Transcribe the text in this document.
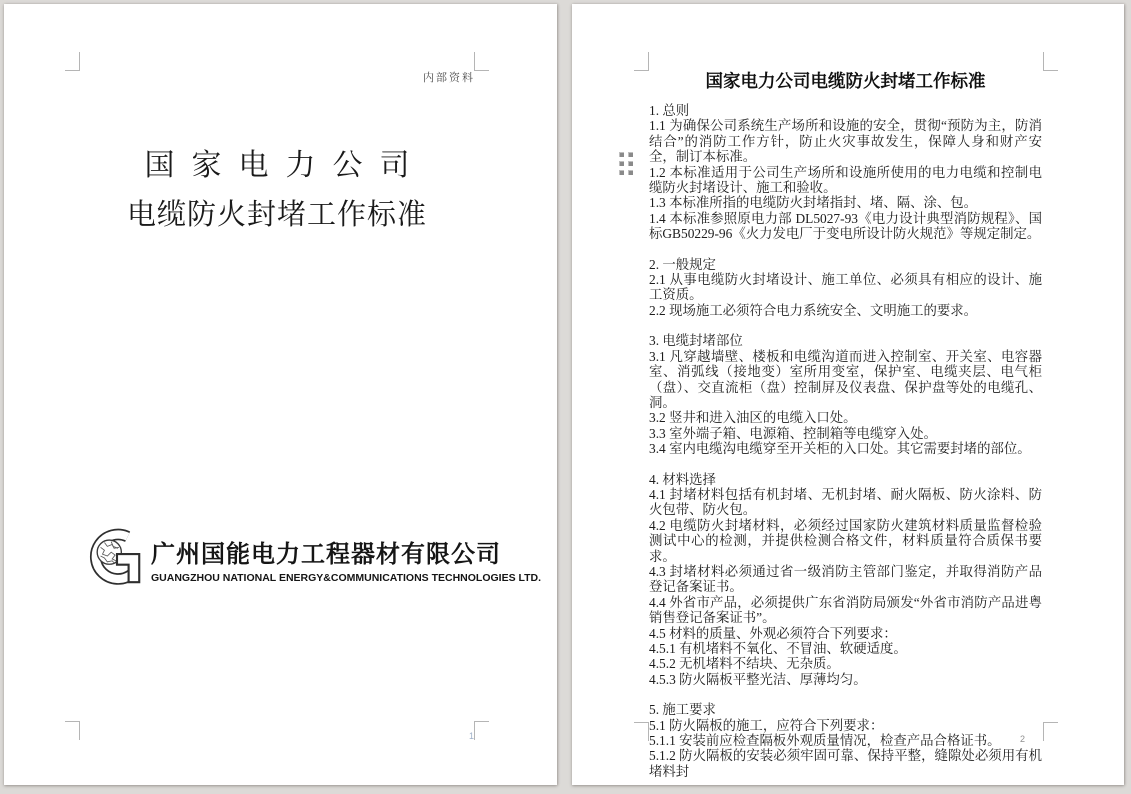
内部资料
国家电力公司
电缆防火封堵工作标准
广州国能电力工程器材有限公司
GUANGZHOU NATIONAL ENERGY&COMMUNICATIONS TECHNOLOGIES LTD.
1
国家电力公司电缆防火封堵工作标准

1. 总则

1.1 为确保公司系统生产场所和设施的安全，贯彻“预防为主，防消结合”的消防工作方针，防止火灾事故发生，保障人身和财产安全，制订本标准。

1.2 本标准适用于公司生产场所和设施所使用的电力电缆和控制电缆防火封堵设计、施工和验收。

1.3 本标准所指的电缆防火封堵指封、堵、隔、涂、包。

1.4 本标准参照原电力部 DL5027-93《电力设计典型消防规程》、国标GB50229-96《火力发电厂于变电所设计防火规范》等规定制定。

2. 一般规定

2.1 从事电缆防火封堵设计、施工单位、必须具有相应的设计、施工资质。

2.2 现场施工必须符合电力系统安全、文明施工的要求。

3. 电缆封堵部位

3.1 凡穿越墙壁、楼板和电缆沟道而进入控制室、开关室、电容器室、消弧线（接地变）室所用变室，保护室、电缆夹层、电气柜（盘）、交直流柜（盘）控制屏及仪表盘、保护盘等处的电缆孔、洞。

3.2 竖井和进入油区的电缆入口处。

3.3 室外端子箱、电源箱、控制箱等电缆穿入处。

3.4 室内电缆沟电缆穿至开关柜的入口处。其它需要封堵的部位。

4. 材料选择

4.1 封堵材料包括有机封堵、无机封堵、耐火隔板、防火涂料、防火包带、防火包。

4.2 电缆防火封堵材料，必须经过国家防火建筑材料质量监督检验测试中心的检测，并提供检测合格文件，材料质量符合质保书要求。

4.3 封堵材料必须通过省一级消防主管部门鉴定，并取得消防产品登记备案证书。

4.4 外省市产品，必须提供广东省消防局颁发“外省市消防产品进粤销售登记备案证书”。

4.5 材料的质量、外观必须符合下列要求：

4.5.1 有机堵料不氧化、不冒油、软硬适度。

4.5.2 无机堵料不结块、无杂质。

4.5.3 防火隔板平整光洁、厚薄均匀。

5. 施工要求

5.1 防火隔板的施工，应符合下列要求：

5.1.1 安装前应检查隔板外观质量情况，检查产品合格证书。

5.1.2 防火隔板的安装必须牢固可靠、保持平整，缝隙处必须用有机堵料封

2
